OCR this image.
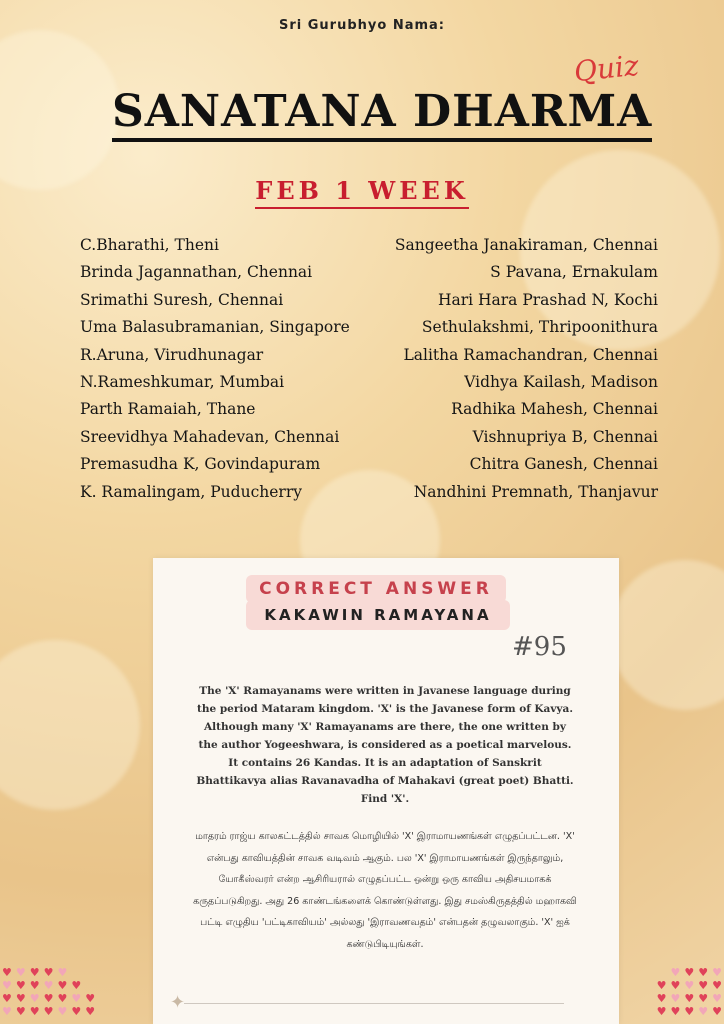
Sri Gurubhyo Nama:
Quiz
SANATANA DHARMA
FEB 1 WEEK
C.Bharathi, Theni
Brinda Jagannathan, Chennai
Srimathi Suresh, Chennai
Uma Balasubramanian, Singapore
R.Aruna, Virudhunagar
N.Rameshkumar, Mumbai
Parth Ramaiah, Thane
Sreevidhya Mahadevan, Chennai
Premasudha K, Govindapuram
K. Ramalingam, Puducherry
Sangeetha Janakiraman, Chennai
S Pavana, Ernakulam
Hari Hara Prashad N, Kochi
Sethulakshmi, Thripoonithura
Lalitha Ramachandran, Chennai
Vidhya Kailash, Madison
Radhika Mahesh, Chennai
Vishnupriya B, Chennai
Chitra Ganesh, Chennai
Nandhini Premnath, Thanjavur
CORRECT ANSWER
KAKAWIN RAMAYANA
#95
The 'X' Ramayanams were written in Javanese language during the period Mataram kingdom. 'X' is the Javanese form of Kavya. Although many 'X' Ramayanams are there, the one written by the author Yogeeshwara, is considered as a poetical marvelous. It contains 26 Kandas. It is an adaptation of Sanskrit Bhattikavya alias Ravanavadha of Mahakavi (great poet) Bhatti. Find 'X'.
மாதரம் ராஜ்ய காலகட்டத்தில் சாவக மொழியில் 'X' இராமாயணங்கள் எழுதப்பட்டன. 'X' என்பது காவியத்தின் சாவக வடிவம் ஆகும். பல 'X' இராமாயணங்கள் இருந்தாலும், யோகீஸ்வரர் என்ற ஆசிரியரால் எழுதப்பட்ட ஒன்று ஒரு காவிய அதிசயமாகக் கருதப்படுகிறது. அது 26 காண்டங்களைக் கொண்டுள்ளது. இது சமஸ்கிருதத்தில் மஹாகவி பட்டி எழுதிய 'பட்டிகாவியம்' அல்லது 'இராவணவதம்' என்பதன் தழுவலாகும். 'X' ஐக் கண்டுபிடியுங்கள்.
✦
♥ ♥ ♥ ♥ ♥
♥ ♥ ♥ ♥ ♥ ♥
♥ ♥ ♥ ♥ ♥ ♥ ♥
♥ ♥ ♥ ♥ ♥ ♥ ♥
♥ ♥ ♥ ♥
♥ ♥ ♥ ♥ ♥
♥ ♥ ♥ ♥ ♥
♥ ♥ ♥ ♥ ♥
